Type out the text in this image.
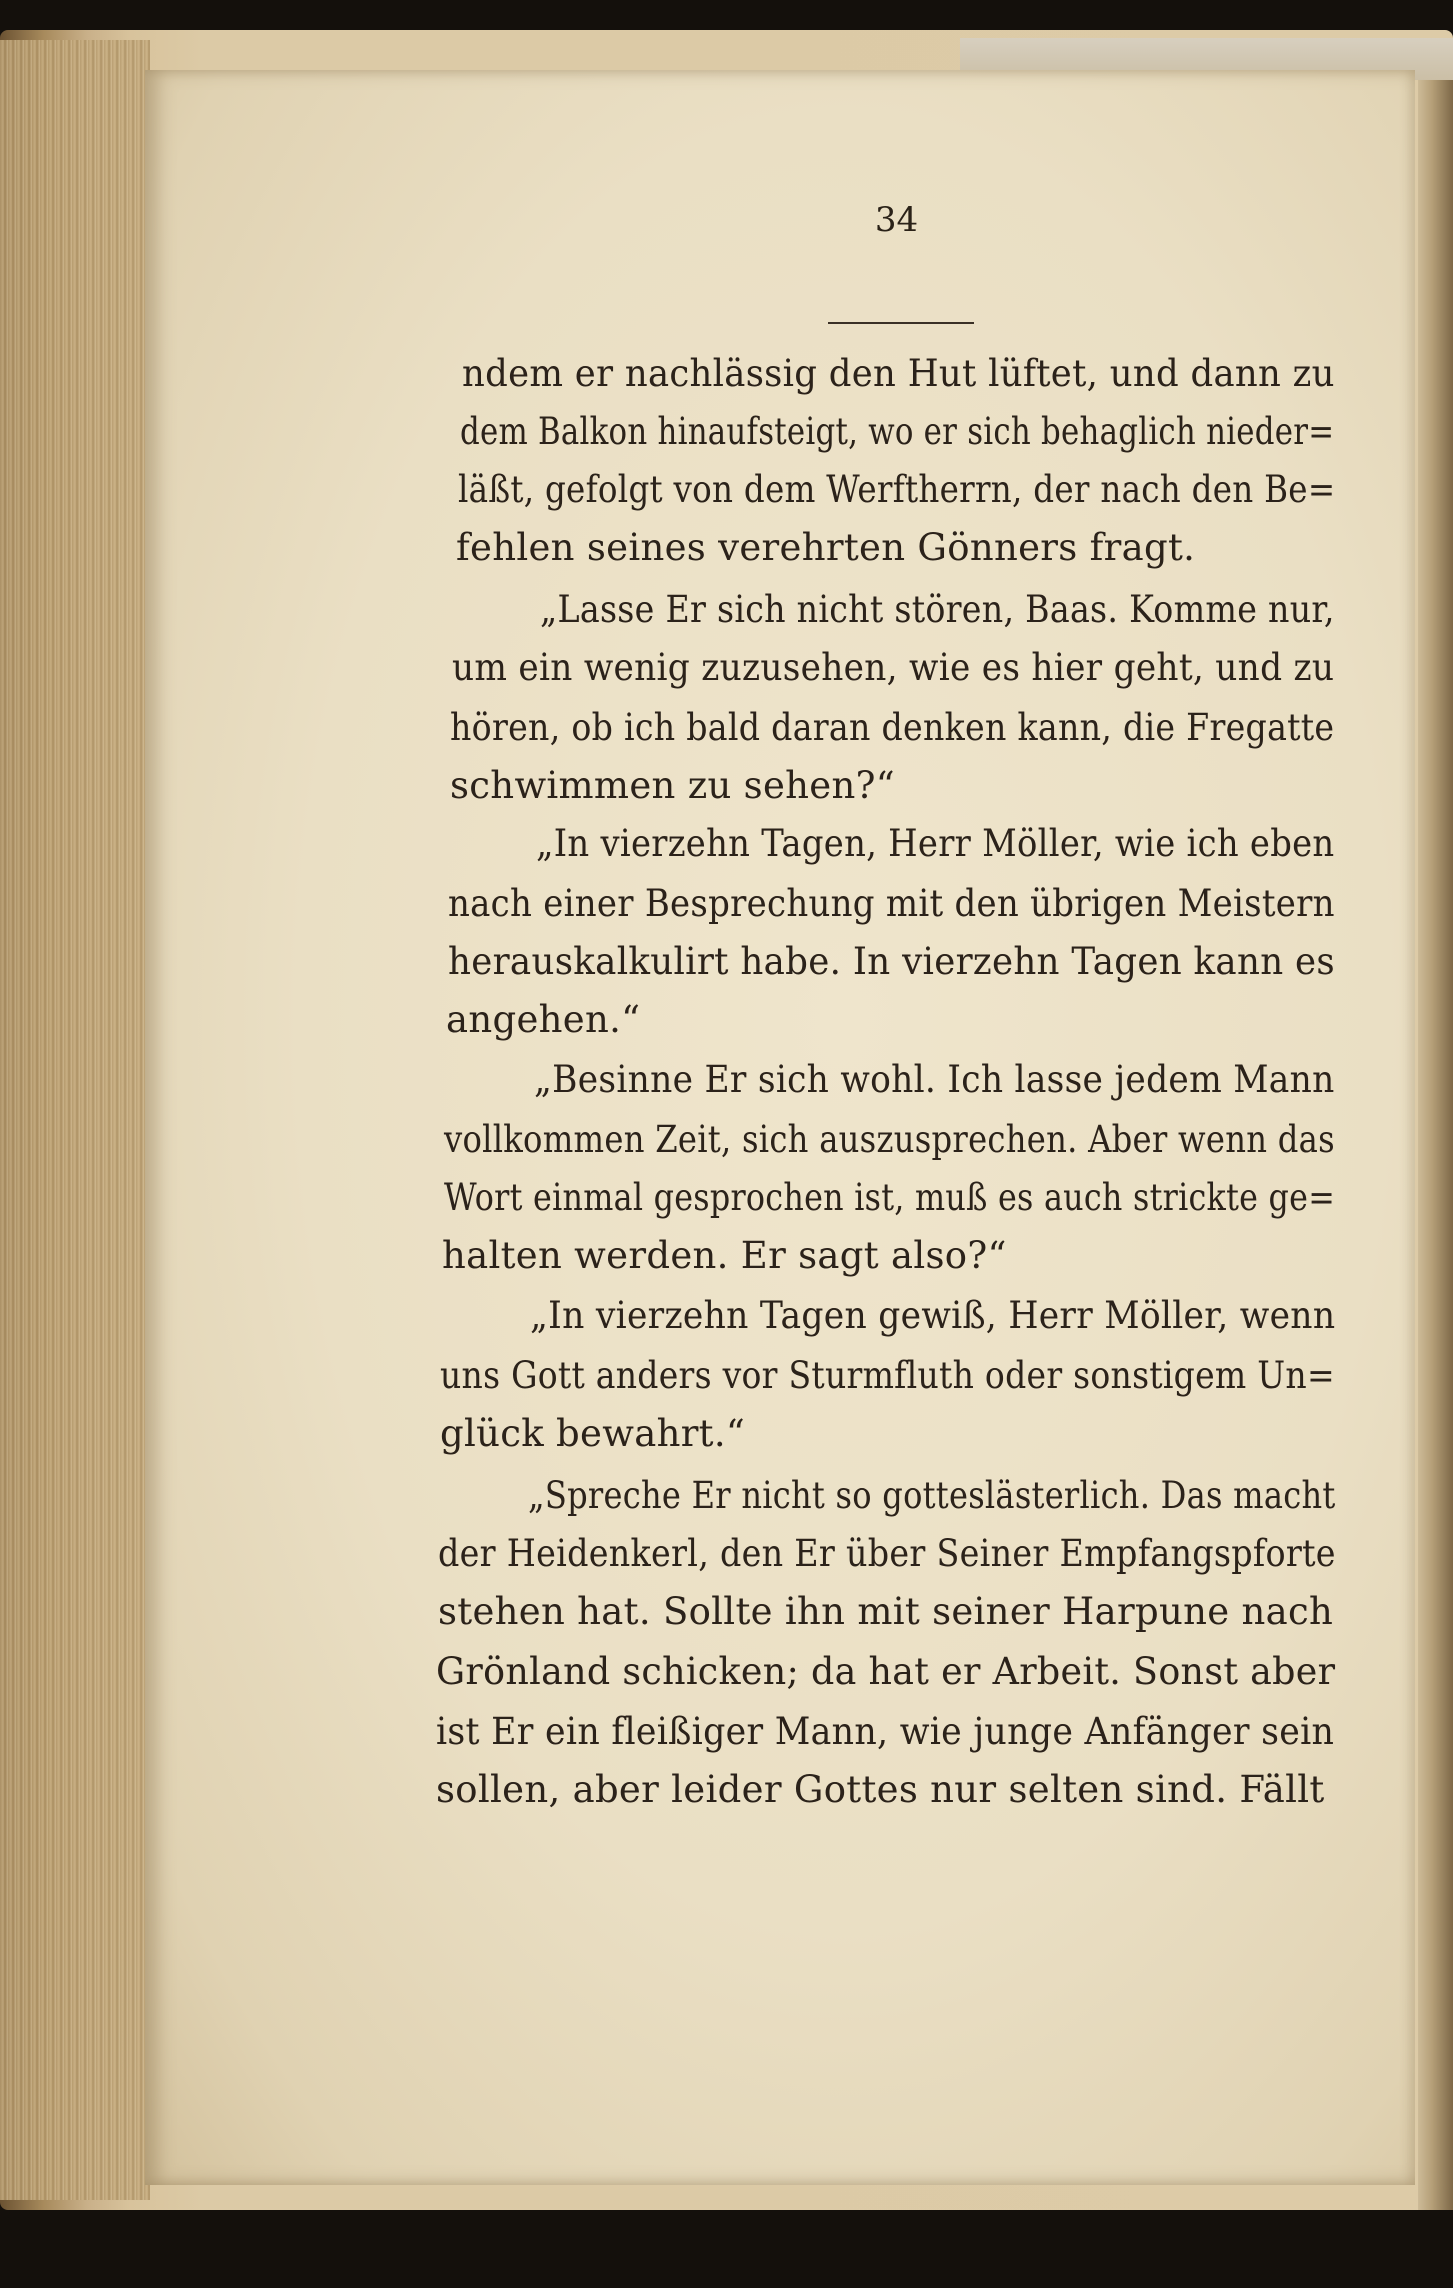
34
ndem er nachlässig den Hut lüftet, und dann zu
dem Balkon hinaufsteigt, wo er sich behaglich nieder=
läßt, gefolgt von dem Werftherrn, der nach den Be=
fehlen seines verehrten Gönners fragt.
„Lasse Er sich nicht stören, Baas. Komme nur,
um ein wenig zuzusehen, wie es hier geht, und zu
hören, ob ich bald daran denken kann, die Fregatte
schwimmen zu sehen?“
„In vierzehn Tagen, Herr Möller, wie ich eben
nach einer Besprechung mit den übrigen Meistern
herauskalkulirt habe. In vierzehn Tagen kann es
angehen.“
„Besinne Er sich wohl. Ich lasse jedem Mann
vollkommen Zeit, sich auszusprechen. Aber wenn das
Wort einmal gesprochen ist, muß es auch strickte ge=
halten werden. Er sagt also?“
„In vierzehn Tagen gewiß, Herr Möller, wenn
uns Gott anders vor Sturmfluth oder sonstigem Un=
glück bewahrt.“
„Spreche Er nicht so gotteslästerlich. Das macht
der Heidenkerl, den Er über Seiner Empfangspforte
stehen hat. Sollte ihn mit seiner Harpune nach
Grönland schicken; da hat er Arbeit. Sonst aber
ist Er ein fleißiger Mann, wie junge Anfänger sein
sollen, aber leider Gottes nur selten sind. Fällt
